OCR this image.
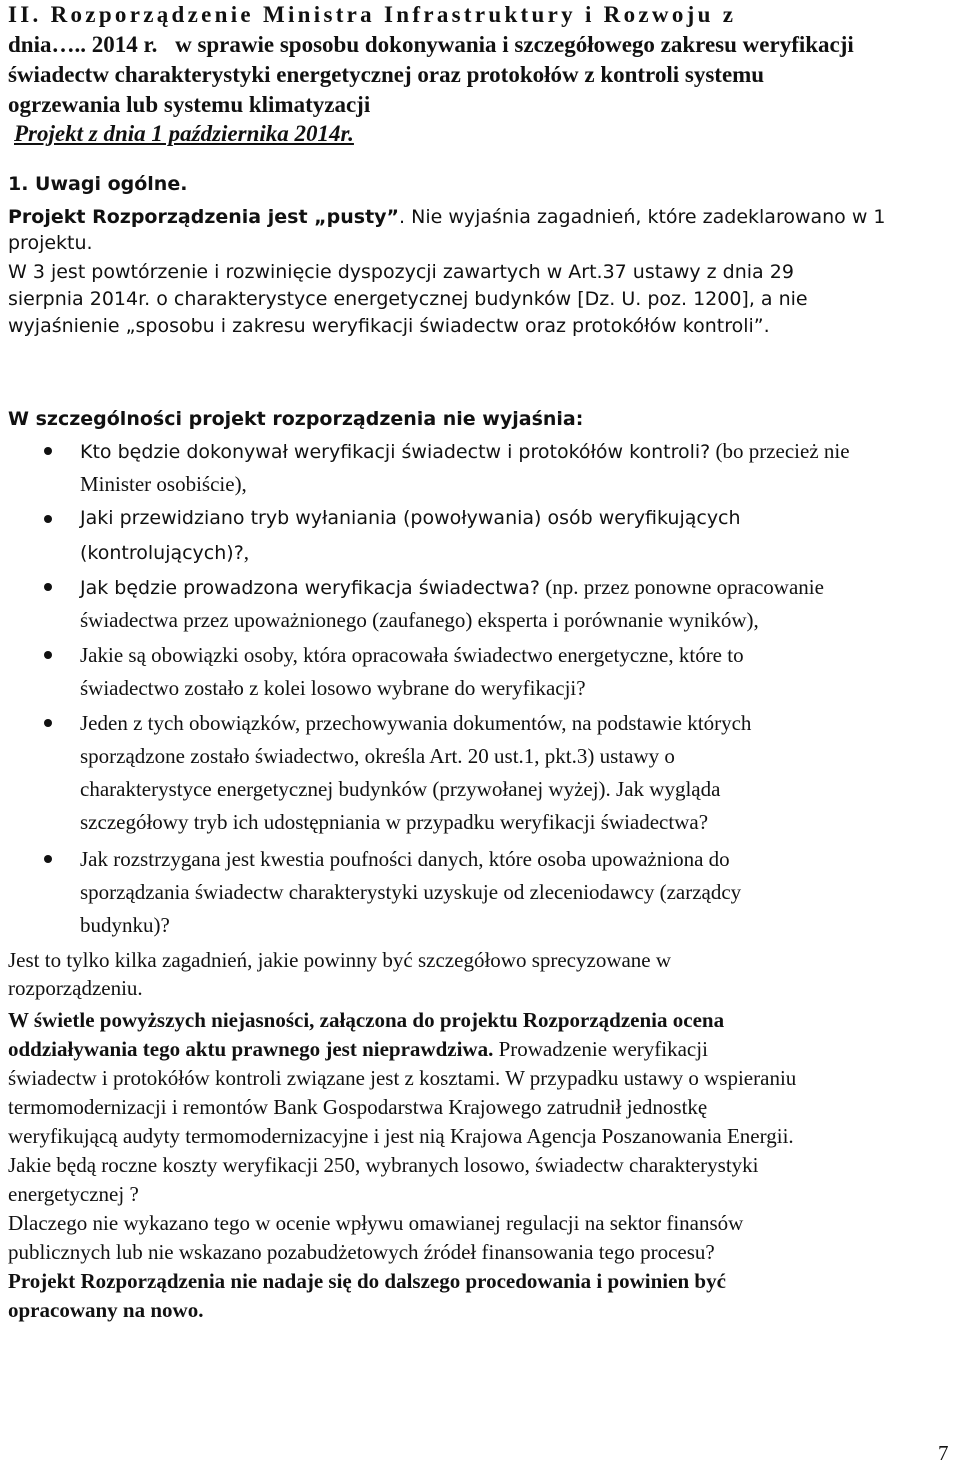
II. Rozporządzenie Ministra Infrastruktury i Rozwoju z
dnia….. 2014 r. w sprawie sposobu dokonywania i szczegółowego zakresu weryfikacji
świadectw charakterystyki energetycznej oraz protokołów z kontroli systemu
ogrzewania lub systemu klimatyzacji
Projekt z dnia 1 października 2014r.
1. Uwagi ogólne.
Projekt Rozporządzenia jest „pusty”. Nie wyjaśnia zagadnień, które zadeklarowano w 1
projektu.
W 3 jest powtórzenie i rozwinięcie dyspozycji zawartych w Art.37 ustawy z dnia 29
sierpnia 2014r. o charakterystyce energetycznej budynków [Dz. U. poz. 1200], a nie
wyjaśnienie „sposobu i zakresu weryfikacji świadectw oraz protokółów kontroli”.
W szczególności projekt rozporządzenia nie wyjaśnia:
Kto będzie dokonywał weryfikacji świadectw i protokółów kontroli? (bo przecież nie
Minister osobiście),
Jaki przewidziano tryb wyłaniania (powoływania) osób weryfikujących
(kontrolujących)?,
Jak będzie prowadzona weryfikacja świadectwa? (np. przez ponowne opracowanie
świadectwa przez upoważnionego (zaufanego) eksperta i porównanie wyników),
Jakie są obowiązki osoby, która opracowała świadectwo energetyczne, które to
świadectwo zostało z kolei losowo wybrane do weryfikacji?
Jeden z tych obowiązków, przechowywania dokumentów, na podstawie których
sporządzone zostało świadectwo, określa Art. 20 ust.1, pkt.3) ustawy o
charakterystyce energetycznej budynków (przywołanej wyżej). Jak wygląda
szczegółowy tryb ich udostępniania w przypadku weryfikacji świadectwa?
Jak rozstrzygana jest kwestia poufności danych, które osoba upoważniona do
sporządzania świadectw charakterystyki uzyskuje od zleceniodawcy (zarządcy
budynku)?
Jest to tylko kilka zagadnień, jakie powinny być szczegółowo sprecyzowane w
rozporządzeniu.
W świetle powyższych niejasności, załączona do projektu Rozporządzenia ocena
oddziaływania tego aktu prawnego jest nieprawdziwa. Prowadzenie weryfikacji
świadectw i protokółów kontroli związane jest z kosztami. W przypadku ustawy o wspieraniu
termomodernizacji i remontów Bank Gospodarstwa Krajowego zatrudnił jednostkę
weryfikującą audyty termomodernizacyjne i jest nią Krajowa Agencja Poszanowania Energii.
Jakie będą roczne koszty weryfikacji 250, wybranych losowo, świadectw charakterystyki
energetycznej ?
Dlaczego nie wykazano tego w ocenie wpływu omawianej regulacji na sektor finansów
publicznych lub nie wskazano pozabudżetowych źródeł finansowania tego procesu?
Projekt Rozporządzenia nie nadaje się do dalszego procedowania i powinien być
opracowany na nowo.
7
